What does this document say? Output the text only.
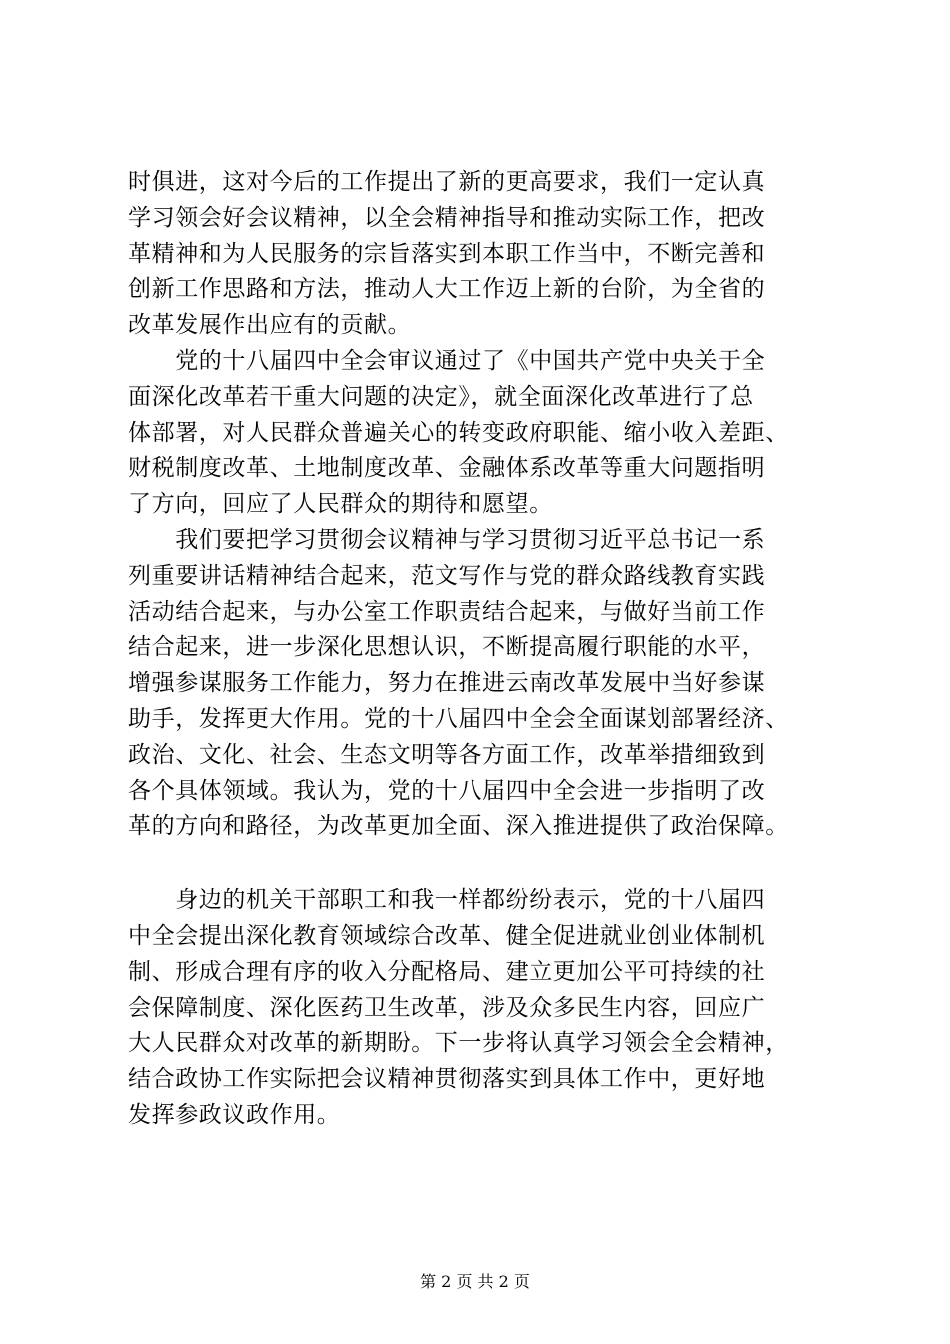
时俱进，这对今后的工作提出了新的更高要求，我们一定认真
学习领会好会议精神，以全会精神指导和推动实际工作，把改
革精神和为人民服务的宗旨落实到本职工作当中，不断完善和
创新工作思路和方法，推动人大工作迈上新的台阶，为全省的
改革发展作出应有的贡献。
　　党的十八届四中全会审议通过了《中国共产党中央关于全
面深化改革若干重大问题的决定》，就全面深化改革进行了总
体部署，对人民群众普遍关心的转变政府职能、缩小收入差距、
财税制度改革、土地制度改革、金融体系改革等重大问题指明
了方向，回应了人民群众的期待和愿望。
　　我们要把学习贯彻会议精神与学习贯彻习近平总书记一系
列重要讲话精神结合起来，范文写作与党的群众路线教育实践
活动结合起来，与办公室工作职责结合起来，与做好当前工作
结合起来，进一步深化思想认识，不断提高履行职能的水平，
增强参谋服务工作能力，努力在推进云南改革发展中当好参谋
助手，发挥更大作用。党的十八届四中全会全面谋划部署经济、
政治、文化、社会、生态文明等各方面工作，改革举措细致到
各个具体领域。我认为，党的十八届四中全会进一步指明了改
革的方向和路径，为改革更加全面、深入推进提供了政治保障。
　　身边的机关干部职工和我一样都纷纷表示，党的十八届四
中全会提出深化教育领域综合改革、健全促进就业创业体制机
制、形成合理有序的收入分配格局、建立更加公平可持续的社
会保障制度、深化医药卫生改革，涉及众多民生内容，回应广
大人民群众对改革的新期盼。下一步将认真学习领会全会精神，
结合政协工作实际把会议精神贯彻落实到具体工作中，更好地
发挥参政议政作用。
第 2 页 共 2 页
